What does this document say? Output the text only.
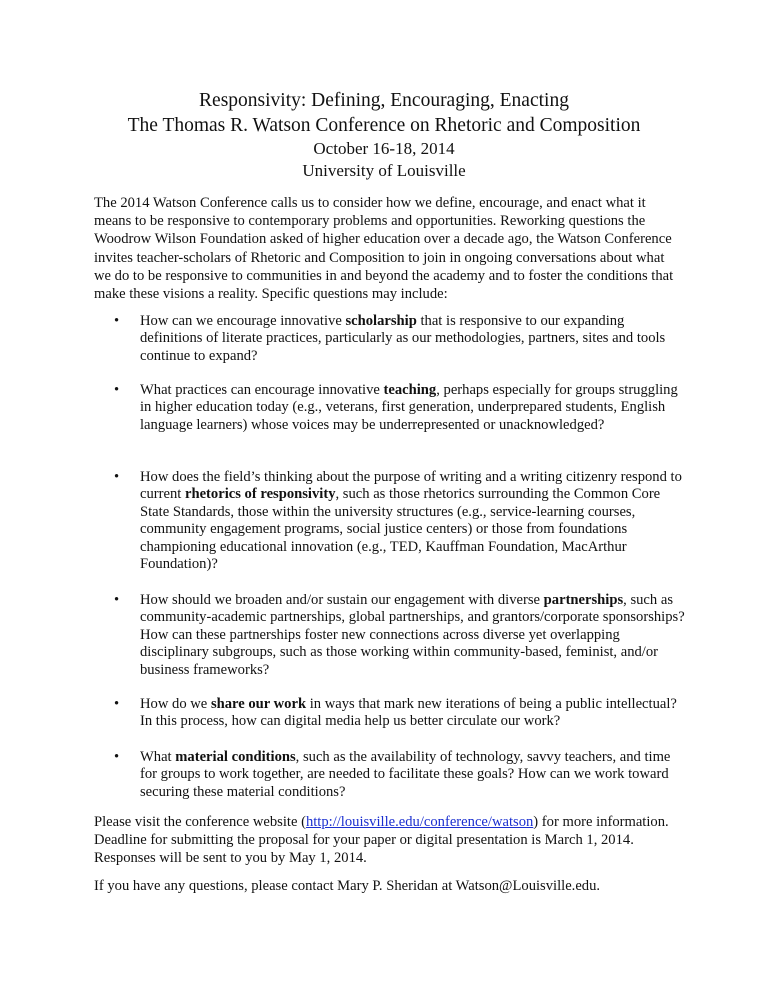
Responsivity: Defining, Encouraging, Enacting
The Thomas R. Watson Conference on Rhetoric and Composition
October 16-18, 2014
University of Louisville

The 2014 Watson Conference calls us to consider how we define, encourage, and enact what it means to be responsive to contemporary problems and opportunities. Reworking questions the Woodrow Wilson Foundation asked of higher education over a decade ago, the Watson Conference invites teacher-scholars of Rhetoric and Composition to join in ongoing conversations about what we do to be responsive to communities in and beyond the academy and to foster the conditions that make these visions a reality. Specific questions may include:

• How can we encourage innovative scholarship that is responsive to our expanding definitions of literate practices, particularly as our methodologies, partners, sites and tools continue to expand?

• What practices can encourage innovative teaching, perhaps especially for groups struggling in higher education today (e.g., veterans, first generation, underprepared students, English language learners) whose voices may be underrepresented or unacknowledged?

• How does the field’s thinking about the purpose of writing and a writing citizenry respond to current rhetorics of responsivity, such as those rhetorics surrounding the Common Core State Standards, those within the university structures (e.g., service-learning courses, community engagement programs, social justice centers) or those from foundations championing educational innovation (e.g., TED, Kauffman Foundation, MacArthur Foundation)?

• How should we broaden and/or sustain our engagement with diverse partnerships, such as community-academic partnerships, global partnerships, and grantors/corporate sponsorships? How can these partnerships foster new connections across diverse yet overlapping disciplinary subgroups, such as those working within community-based, feminist, and/or business frameworks?

• How do we share our work in ways that mark new iterations of being a public intellectual? In this process, how can digital media help us better circulate our work?

• What material conditions, such as the availability of technology, savvy teachers, and time for groups to work together, are needed to facilitate these goals? How can we work toward securing these material conditions?

Please visit the conference website (http://louisville.edu/conference/watson) for more information. Deadline for submitting the proposal for your paper or digital presentation is March 1, 2014. Responses will be sent to you by May 1, 2014.

If you have any questions, please contact Mary P. Sheridan at Watson@Louisville.edu.
